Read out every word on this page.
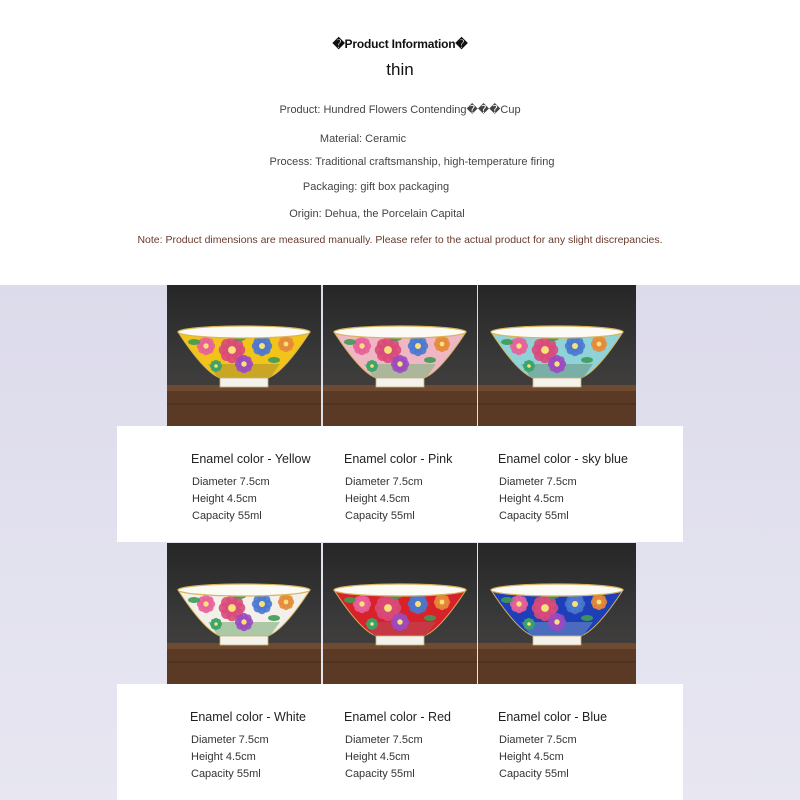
�Product Information�
thin
Product: Hundred Flowers Contending���Cup
Material: Ceramic
Process: Traditional craftsmanship, high-temperature firing
Packaging: gift box packaging
Origin: Dehua, the Porcelain Capital
Note: Product dimensions are measured manually. Please refer to the actual product for any slight discrepancies.
Enamel color - Yellow
Diameter 7.5cm
Height 4.5cm
Capacity 55ml
Enamel color - Pink
Diameter 7.5cm
Height 4.5cm
Capacity 55ml
Enamel color - sky blue
Diameter 7.5cm
Height 4.5cm
Capacity 55ml
Enamel color - White
Diameter 7.5cm
Height 4.5cm
Capacity 55ml
Enamel color - Red
Diameter 7.5cm
Height 4.5cm
Capacity 55ml
Enamel color - Blue
Diameter 7.5cm
Height 4.5cm
Capacity 55ml
